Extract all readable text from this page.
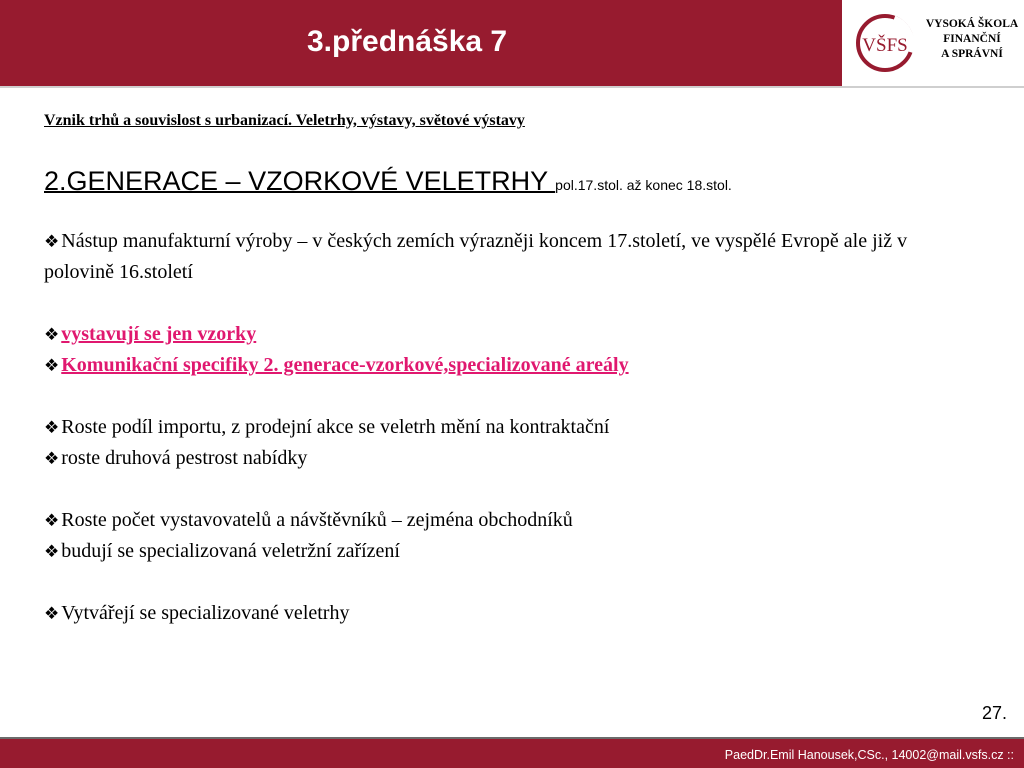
3.přednáška 7	VŠFS
VYSOKÁ ŠKOLA
FINANČNÍ
A SPRÁVNÍ

Vznik trhů a souvislost s urbanizací. Veletrhy, výstavy, světové výstavy

2.GENERACE – VZORKOVÉ VELETRHY pol.17.stol. až konec 18.stol.

❖ Nástup manufakturní výroby – v českých zemích výrazněji koncem 17.století, ve vyspělé Evropě ale již v polovině 16.století

❖ vystavují se jen vzorky

❖ Komunikační specifiky 2. generace-vzorkové,specializované areály

❖ Roste podíl importu, z prodejní akce se veletrh mění na kontraktační

❖ roste druhová pestrost nabídky

❖ Roste počet vystavovatelů a návštěvníků – zejména obchodníků

❖ budují se specializovaná veletržní zařízení

❖ Vytvářejí se specializované veletrhy

27.
PaedDr.Emil Hanousek,CSc., 14002@mail.vsfs.cz ::
